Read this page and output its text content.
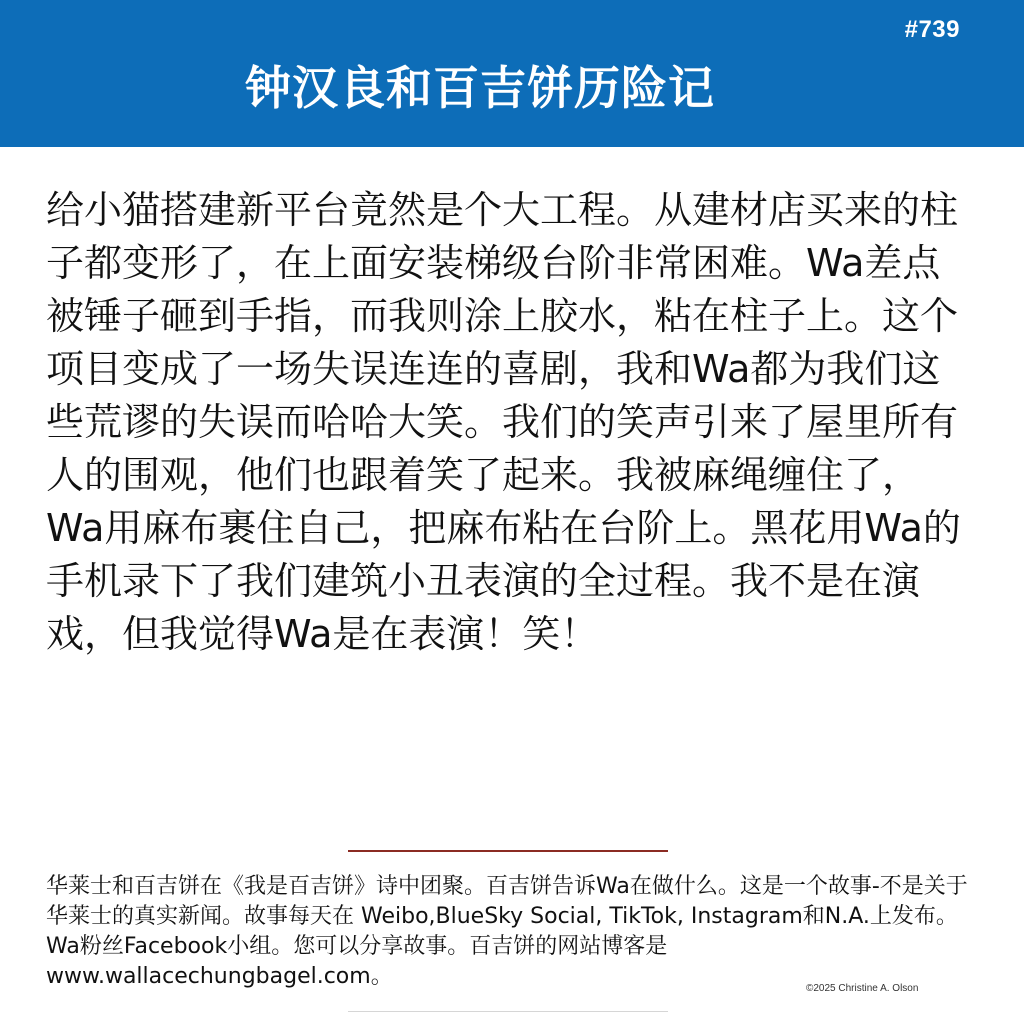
#739
钟汉良和百吉饼历险记

给小猫搭建新平台竟然是个大工程。从建材店买来的柱子都变形了，在上面安装梯级台阶非常困难。Wa差点被锤子砸到手指，而我则涂上胶水，粘在柱子上。这个项目变成了一场失误连连的喜剧，我和Wa都为我们这些荒谬的失误而哈哈大笑。我们的笑声引来了屋里所有人的围观，他们也跟着笑了起来。我被麻绳缠住了，Wa用麻布裹住自己，把麻布粘在台阶上。黑花用Wa的手机录下了我们建筑小丑表演的全过程。我不是在演戏，但我觉得Wa是在表演！笑！

华莱士和百吉饼在《我是百吉饼》诗中团聚。百吉饼告诉Wa在做什么。这是一个故事-不是关于华莱士的真实新闻。故事每天在 Weibo,BlueSky Social, TikTok, Instagram和N.A.上发布。Wa粉丝Facebook小组。您可以分享故事。百吉饼的网站博客是www.wallacechungbagel.com。	©2025 Christine A. Olson
